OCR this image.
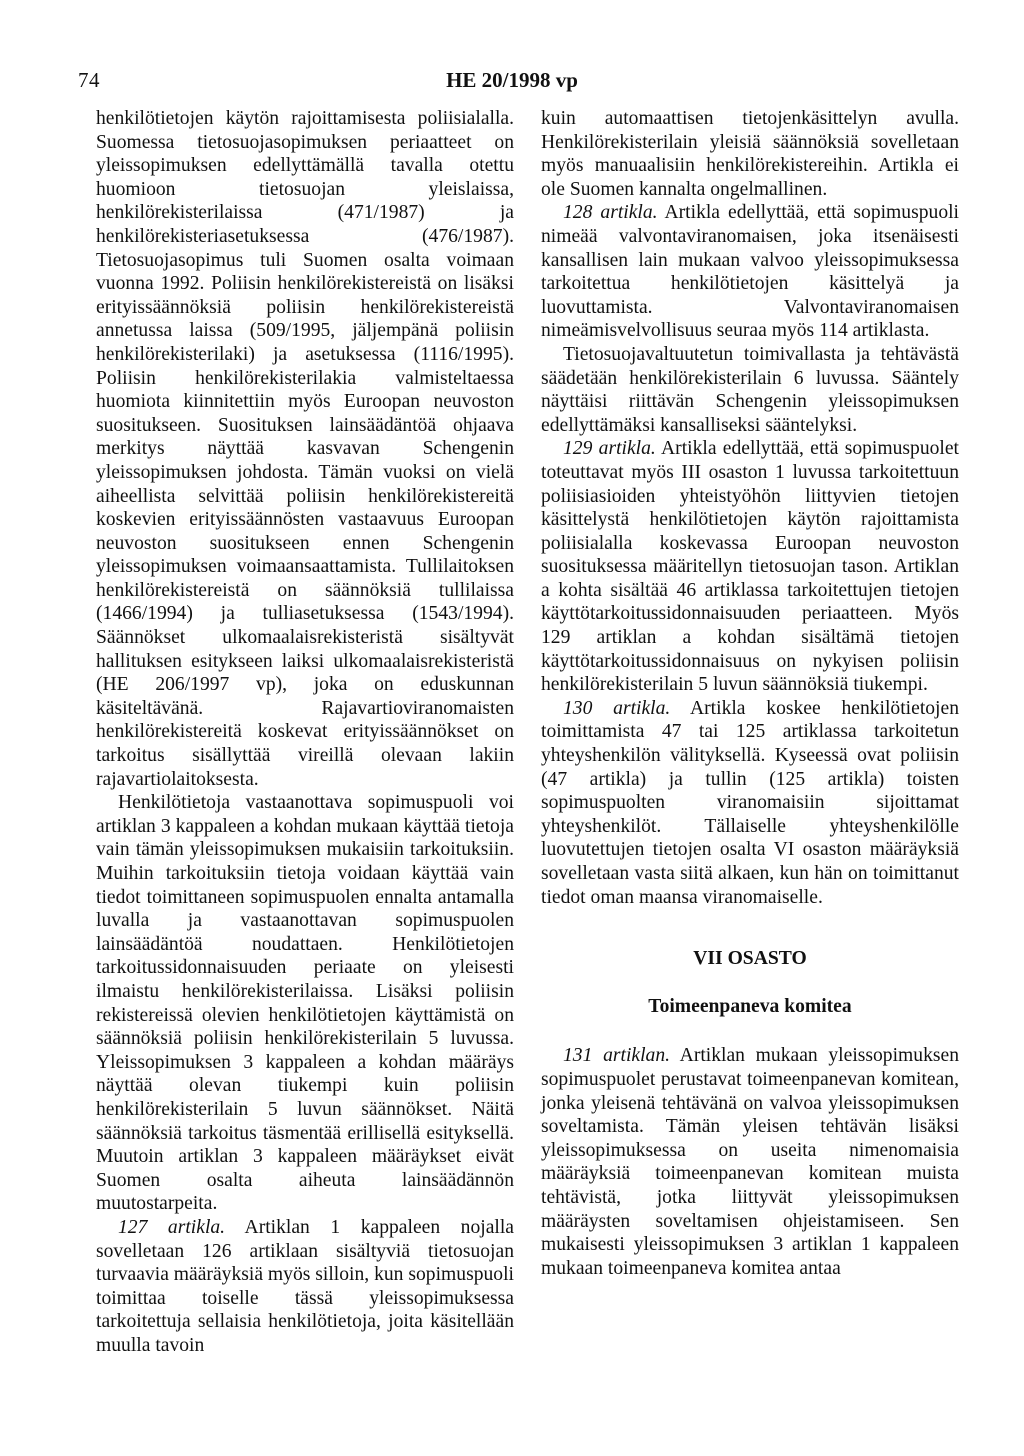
74	HE 20/1998 vp

henkilötietojen käytön rajoittamisesta poliisialalla. Suomessa tietosuojasopimuksen periaatteet on yleissopimuksen edellyttämällä tavalla otettu huomioon tietosuojan yleislaissa, henkilörekisterilaissa (471/1987) ja henkilörekisteriasetuksessa (476/1987). Tietosuojasopimus tuli Suomen osalta voimaan vuonna 1992. Poliisin henkilörekistereistä on lisäksi erityissäännöksiä poliisin henkilörekistereistä annetussa laissa (509/1995, jäljempänä poliisin henkilörekisterilaki) ja asetuksessa (1116/1995). Poliisin henkilörekisterilakia valmisteltaessa huomiota kiinnitettiin myös Euroopan neuvoston suositukseen. Suosituksen lainsäädäntöä ohjaava merkitys näyttää kasvavan Schengenin yleissopimuksen johdosta. Tämän vuoksi on vielä aiheellista selvittää poliisin henkilörekistereitä koskevien erityissäännösten vastaavuus Euroopan neuvoston suositukseen ennen Schengenin yleissopimuksen voimaansaattamista. Tullilaitoksen henkilörekistereistä on säännöksiä tullilaissa (1466/1994) ja tulliasetuksessa (1543/1994). Säännökset ulkomaalaisrekisteristä sisältyvät hallituksen esitykseen laiksi ulkomaalaisrekisteristä (HE 206/1997 vp), joka on eduskunnan käsiteltävänä. Rajavartioviranomaisten henkilörekistereitä koskevat erityissäännökset on tarkoitus sisällyttää vireillä olevaan lakiin rajavartiolaitoksesta.

Henkilötietoja vastaanottava sopimuspuoli voi artiklan 3 kappaleen a kohdan mukaan käyttää tietoja vain tämän yleissopimuksen mukaisiin tarkoituksiin. Muihin tarkoituksiin tietoja voidaan käyttää vain tiedot toimittaneen sopimuspuolen ennalta antamalla luvalla ja vastaanottavan sopimuspuolen lainsäädäntöä noudattaen. Henkilötietojen tarkoitussidonnaisuuden periaate on yleisesti ilmaistu henkilörekisterilaissa. Lisäksi poliisin rekistereissä olevien henkilötietojen käyttämistä on säännöksiä poliisin henkilörekisterilain 5 luvussa. Yleissopimuksen 3 kappaleen a kohdan määräys näyttää olevan tiukempi kuin poliisin henkilörekisterilain 5 luvun säännökset. Näitä säännöksiä tarkoitus täsmentää erillisellä esityksellä. Muutoin artiklan 3 kappaleen määräykset eivät Suomen osalta aiheuta lainsäädännön muutostarpeita.

127 artikla. Artiklan 1 kappaleen nojalla sovelletaan 126 artiklaan sisältyviä tietosuojan turvaavia määräyksiä myös silloin, kun sopimuspuoli toimittaa toiselle tässä yleissopimuksessa tarkoitettuja sellaisia henkilötietoja, joita käsitellään muulla tavoin

kuin automaattisen tietojenkäsittelyn avulla. Henkilörekisterilain yleisiä säännöksiä sovelletaan myös manuaalisiin henkilörekistereihin. Artikla ei ole Suomen kannalta ongelmallinen.

128 artikla. Artikla edellyttää, että sopimuspuoli nimeää valvontaviranomaisen, joka itsenäisesti kansallisen lain mukaan valvoo yleissopimuksessa tarkoitettua henkilötietojen käsittelyä ja luovuttamista. Valvontaviranomaisen nimeämisvelvollisuus seuraa myös 114 artiklasta.

Tietosuojavaltuutetun toimivallasta ja tehtävästä säädetään henkilörekisterilain 6 luvussa. Sääntely näyttäisi riittävän Schengenin yleissopimuksen edellyttämäksi kansalliseksi sääntelyksi.

129 artikla. Artikla edellyttää, että sopimuspuolet toteuttavat myös III osaston 1 luvussa tarkoitettuun poliisiasioiden yhteistyöhön liittyvien tietojen käsittelystä henkilötietojen käytön rajoittamista poliisialalla koskevassa Euroopan neuvoston suosituksessa määritellyn tietosuojan tason. Artiklan a kohta sisältää 46 artiklassa tarkoitettujen tietojen käyttötarkoitussidonnaisuuden periaatteen. Myös 129 artiklan a kohdan sisältämä tietojen käyttötarkoitussidonnaisuus on nykyisen poliisin henkilörekisterilain 5 luvun säännöksiä tiukempi.

130 artikla. Artikla koskee henkilötietojen toimittamista 47 tai 125 artiklassa tarkoitetun yhteyshenkilön välityksellä. Kyseessä ovat poliisin (47 artikla) ja tullin (125 artikla) toisten sopimuspuolten viranomaisiin sijoittamat yhteyshenkilöt. Tällaiselle yhteyshenkilölle luovutettujen tietojen osalta VI osaston määräyksiä sovelletaan vasta siitä alkaen, kun hän on toimittanut tiedot oman maansa viranomaiselle.

VII OSASTO
Toimeenpaneva komitea

131 artiklan. Artiklan mukaan yleissopimuksen sopimuspuolet perustavat toimeenpanevan komitean, jonka yleisenä tehtävänä on valvoa yleissopimuksen soveltamista. Tämän yleisen tehtävän lisäksi yleissopimuksessa on useita nimenomaisia määräyksiä toimeenpanevan komitean muista tehtävistä, jotka liittyvät yleissopimuksen määräysten soveltamisen ohjeistamiseen. Sen mukaisesti yleissopimuksen 3 artiklan 1 kappaleen mukaan toimeenpaneva komitea antaa
